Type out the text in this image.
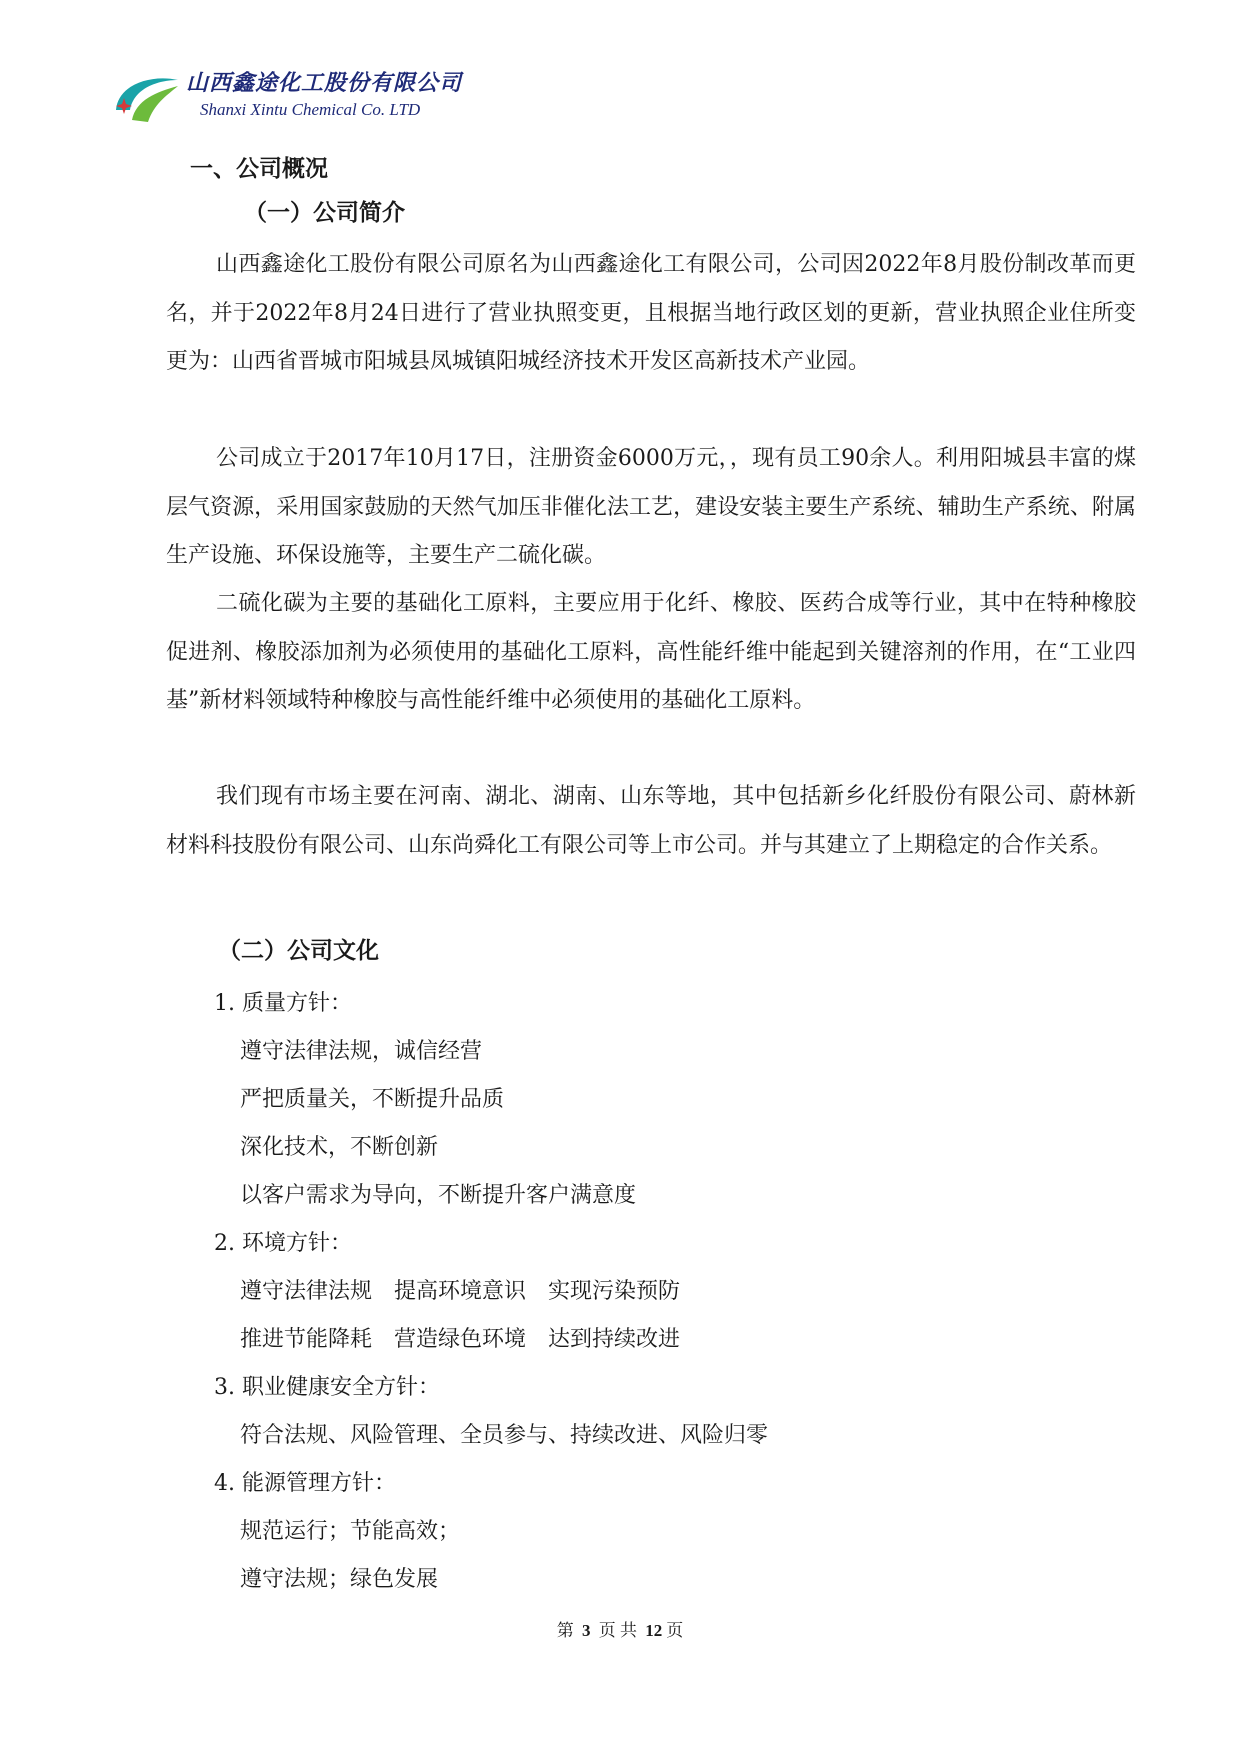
山西鑫途化工股份有限公司
Shanxi Xintu Chemical Co. LTD
一、公司概况
（一）公司简介
山西鑫途化工股份有限公司原名为山西鑫途化工有限公司，公司因2022年8月股份制改革而更名，并于2022年8月24日进行了营业执照变更，且根据当地行政区划的更新，营业执照企业住所变更为：山西省晋城市阳城县凤城镇阳城经济技术开发区高新技术产业园。
公司成立于2017年10月17日，注册资金6000万元，，现有员工90余人。利用阳城县丰富的煤层气资源，采用国家鼓励的天然气加压非催化法工艺，建设安装主要生产系统、辅助生产系统、附属生产设施、环保设施等，主要生产二硫化碳。
二硫化碳为主要的基础化工原料，主要应用于化纤、橡胶、医药合成等行业，其中在特种橡胶促进剂、橡胶添加剂为必须使用的基础化工原料，高性能纤维中能起到关键溶剂的作用，在“工业四基”新材料领域特种橡胶与高性能纤维中必须使用的基础化工原料。
我们现有市场主要在河南、湖北、湖南、山东等地，其中包括新乡化纤股份有限公司、蔚林新材料科技股份有限公司、山东尚舜化工有限公司等上市公司。并与其建立了上期稳定的合作关系。
（二）公司文化
1. 质量方针：
遵守法律法规，诚信经营
严把质量关，不断提升品质
深化技术，不断创新
以客户需求为导向，不断提升客户满意度
2. 环境方针：
遵守法律法规　提高环境意识　实现污染预防
推进节能降耗　营造绿色环境　达到持续改进
3. 职业健康安全方针：
符合法规、风险管理、全员参与、持续改进、风险归零
4. 能源管理方针：
规范运行；节能高效；
遵守法规；绿色发展
第 3 页 共 12 页
